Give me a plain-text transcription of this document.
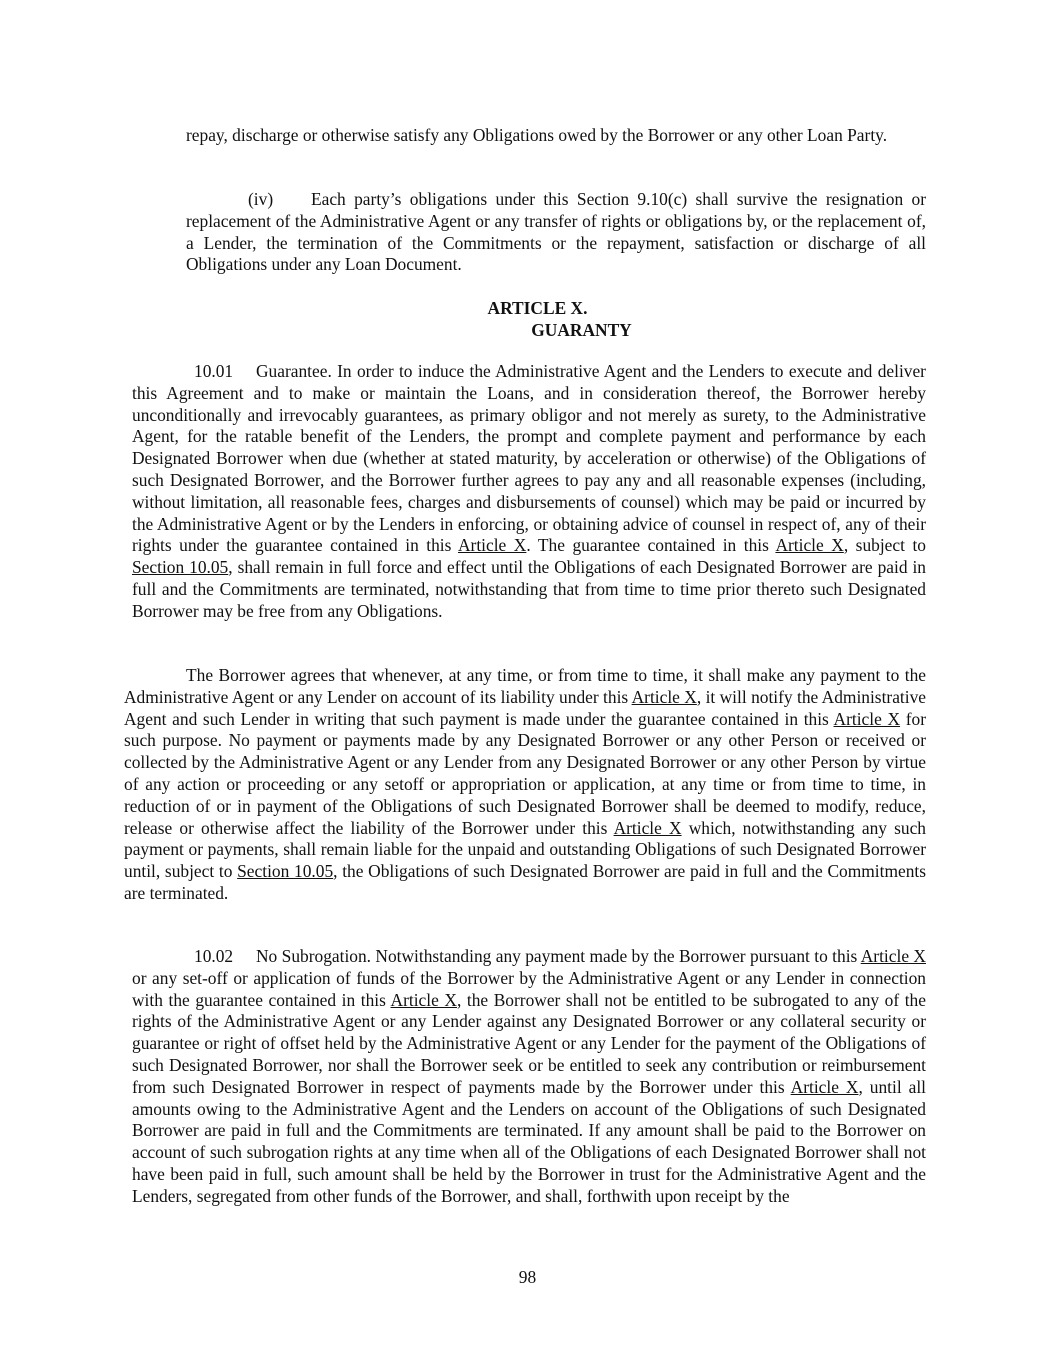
repay, discharge or otherwise satisfy any Obligations owed by the Borrower or any other Loan Party.

(iv) Each party’s obligations under this Section 9.10(c) shall survive the resignation or replacement of the Administrative Agent or any transfer of rights or obligations by, or the replacement of, a Lender, the termination of the Commitments or the repayment, satisfaction or discharge of all Obligations under any Loan Document.

ARTICLE X.

GUARANTY

10.01 Guarantee. In order to induce the Administrative Agent and the Lenders to execute and deliver this Agreement and to make or maintain the Loans, and in consideration thereof, the Borrower hereby unconditionally and irrevocably guarantees, as primary obligor and not merely as surety, to the Administrative Agent, for the ratable benefit of the Lenders, the prompt and complete payment and performance by each Designated Borrower when due (whether at stated maturity, by acceleration or otherwise) of the Obligations of such Designated Borrower, and the Borrower further agrees to pay any and all reasonable expenses (including, without limitation, all reasonable fees, charges and disbursements of counsel) which may be paid or incurred by the Administrative Agent or by the Lenders in enforcing, or obtaining advice of counsel in respect of, any of their rights under the guarantee contained in this Article X. The guarantee contained in this Article X, subject to Section 10.05, shall remain in full force and effect until the Obligations of each Designated Borrower are paid in full and the Commitments are terminated, notwithstanding that from time to time prior thereto such Designated Borrower may be free from any Obligations.

The Borrower agrees that whenever, at any time, or from time to time, it shall make any payment to the Administrative Agent or any Lender on account of its liability under this Article X, it will notify the Administrative Agent and such Lender in writing that such payment is made under the guarantee contained in this Article X for such purpose. No payment or payments made by any Designated Borrower or any other Person or received or collected by the Administrative Agent or any Lender from any Designated Borrower or any other Person by virtue of any action or proceeding or any setoff or appropriation or application, at any time or from time to time, in reduction of or in payment of the Obligations of such Designated Borrower shall be deemed to modify, reduce, release or otherwise affect the liability of the Borrower under this Article X which, notwithstanding any such payment or payments, shall remain liable for the unpaid and outstanding Obligations of such Designated Borrower until, subject to Section 10.05, the Obligations of such Designated Borrower are paid in full and the Commitments are terminated.

10.02 No Subrogation. Notwithstanding any payment made by the Borrower pursuant to this Article X or any set-off or application of funds of the Borrower by the Administrative Agent or any Lender in connection with the guarantee contained in this Article X, the Borrower shall not be entitled to be subrogated to any of the rights of the Administrative Agent or any Lender against any Designated Borrower or any collateral security or guarantee or right of offset held by the Administrative Agent or any Lender for the payment of the Obligations of such Designated Borrower, nor shall the Borrower seek or be entitled to seek any contribution or reimbursement from such Designated Borrower in respect of payments made by the Borrower under this Article X, until all amounts owing to the Administrative Agent and the Lenders on account of the Obligations of such Designated Borrower are paid in full and the Commitments are terminated. If any amount shall be paid to the Borrower on account of such subrogation rights at any time when all of the Obligations of each Designated Borrower shall not have been paid in full, such amount shall be held by the Borrower in trust for the Administrative Agent and the Lenders, segregated from other funds of the Borrower, and shall, forthwith upon receipt by the

98
